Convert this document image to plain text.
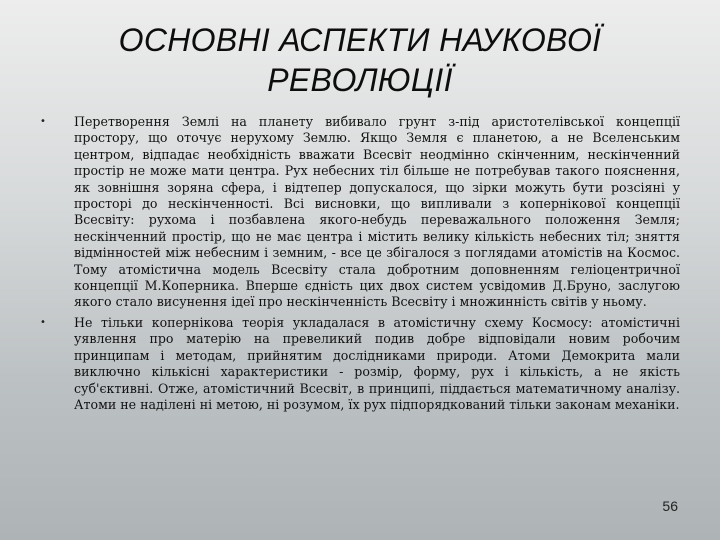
ОСНОВНІ АСПЕКТИ НАУКОВОЇ РЕВОЛЮЦІЇ
•	Перетворення Землі на планету вибивало грунт з-під аристотелівської концепції простору, що оточує нерухому Землю. Якщо Земля є планетою, а не Вселенським центром, відпадає необхідність вважати Всесвіт неодмінно скінченним, нескінченний простір не може мати центра. Рух небесних тіл більше не потребував такого пояснення, як зовнішня зоряна сфера, і відтепер допускалося, що зірки можуть бути розсіяні у просторі до нескінченності. Всі висновки, що випливали з копернікової концепції Всесвіту: рухома і позбавлена якого-небудь переважального положення Земля; нескінченний простір, що не має центра і містить велику кількість небесних тіл; зняття відмінностей між небесним і земним, - все це збігалося з поглядами атомістів на Космос. Тому атомістична модель Всесвіту стала добротним доповненням геліоцентричної концепції М.Коперника. Вперше єдність цих двох систем усвідомив Д.Бруно, заслугою якого стало висунення ідеї про нескінченність Всесвіту і множинність світів у ньому.
•	Не тільки копернікова теорія укладалася в атомістичну схему Космосу: атомістичні уявлення про матерію на превеликий подив добре відповідали новим робочим принципам і методам, прийнятим дослідниками природи. Атоми Демокрита мали виключно кількісні характеристики - розмір, форму, рух і кількість, а не якість суб'єктивні. Отже, атомістичний Всесвіт, в принципі, піддається математичному аналізу. Атоми не наділені ні метою, ні розумом, їх рух підпорядкований тільки законам механіки.
56
